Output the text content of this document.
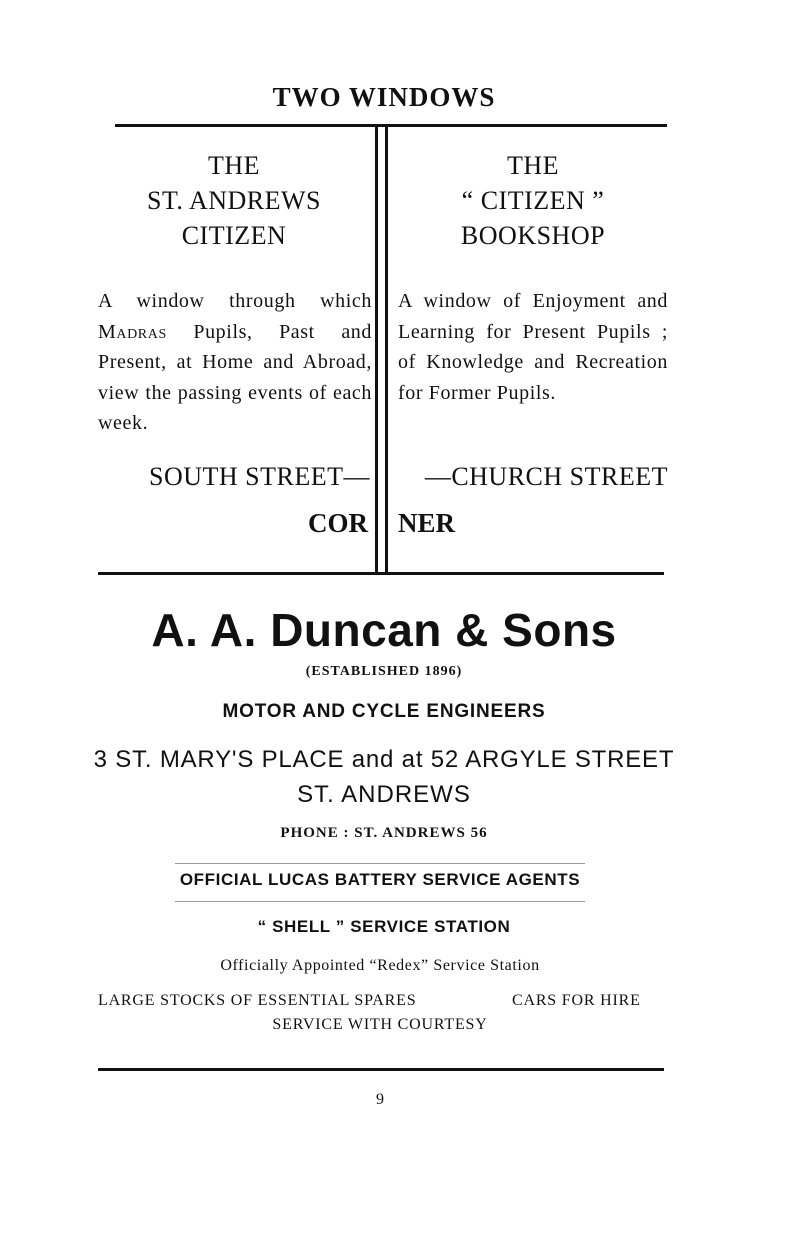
TWO WINDOWS
THE
ST. ANDREWS
CITIZEN
A window through which Madras Pupils, Past and Present, at Home and Abroad, view the passing events of each week.
SOUTH STREET—
COR
THE
“ CITIZEN ”
BOOKSHOP
A window of Enjoyment and Learning for Present Pupils ; of Knowledge and Recreation for Former Pupils.
—CHURCH STREET
NER
A. A. Duncan & Sons
(ESTABLISHED 1896)
MOTOR AND CYCLE ENGINEERS
3 ST. MARY'S PLACE and at 52 ARGYLE STREET
ST. ANDREWS
PHONE : ST. ANDREWS 56
OFFICIAL LUCAS BATTERY SERVICE AGENTS
“ SHELL ” SERVICE STATION
Officially Appointed “Redex” Service Station
LARGE STOCKS OF ESSENTIAL SPARES	CARS FOR HIRE
SERVICE WITH COURTESY
9
